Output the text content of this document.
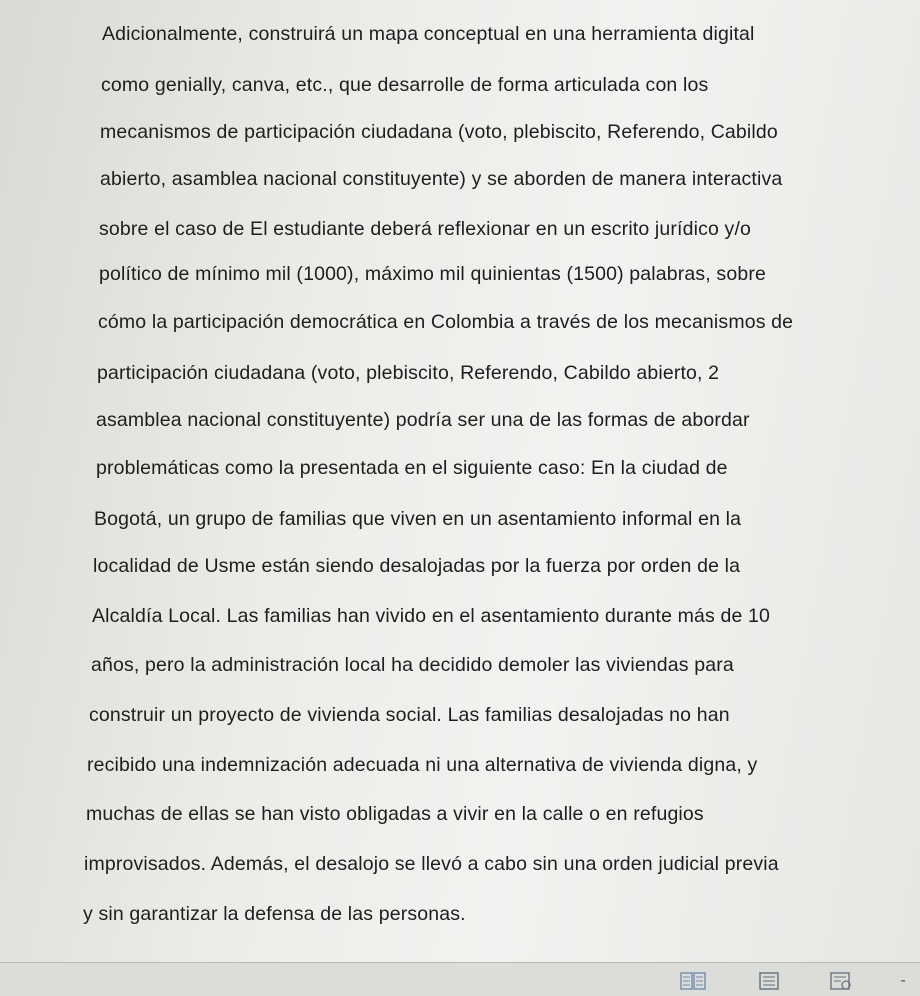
Adicionalmente, construirá un mapa conceptual en una herramienta digital
como genially, canva, etc., que desarrolle de forma articulada con los
mecanismos de participación ciudadana (voto, plebiscito, Referendo, Cabildo
abierto, asamblea nacional constituyente) y se aborden de manera interactiva
sobre el caso de El estudiante deberá reflexionar en un escrito jurídico y/o
político de mínimo mil (1000), máximo mil quinientas (1500) palabras, sobre
cómo la participación democrática en Colombia a través de los mecanismos de
participación ciudadana (voto, plebiscito, Referendo, Cabildo abierto, 2
asamblea nacional constituyente) podría ser una de las formas de abordar
problemáticas como la presentada en el siguiente caso: En la ciudad de
Bogotá, un grupo de familias que viven en un asentamiento informal en la
localidad de Usme están siendo desalojadas por la fuerza por orden de la
Alcaldía Local. Las familias han vivido en el asentamiento durante más de 10
años, pero la administración local ha decidido demoler las viviendas para
construir un proyecto de vivienda social. Las familias desalojadas no han
recibido una indemnización adecuada ni una alternativa de vivienda digna, y
muchas de ellas se han visto obligadas a vivir en la calle o en refugios
improvisados. Además, el desalojo se llevó a cabo sin una orden judicial previa
y sin garantizar la defensa de las personas.
-
